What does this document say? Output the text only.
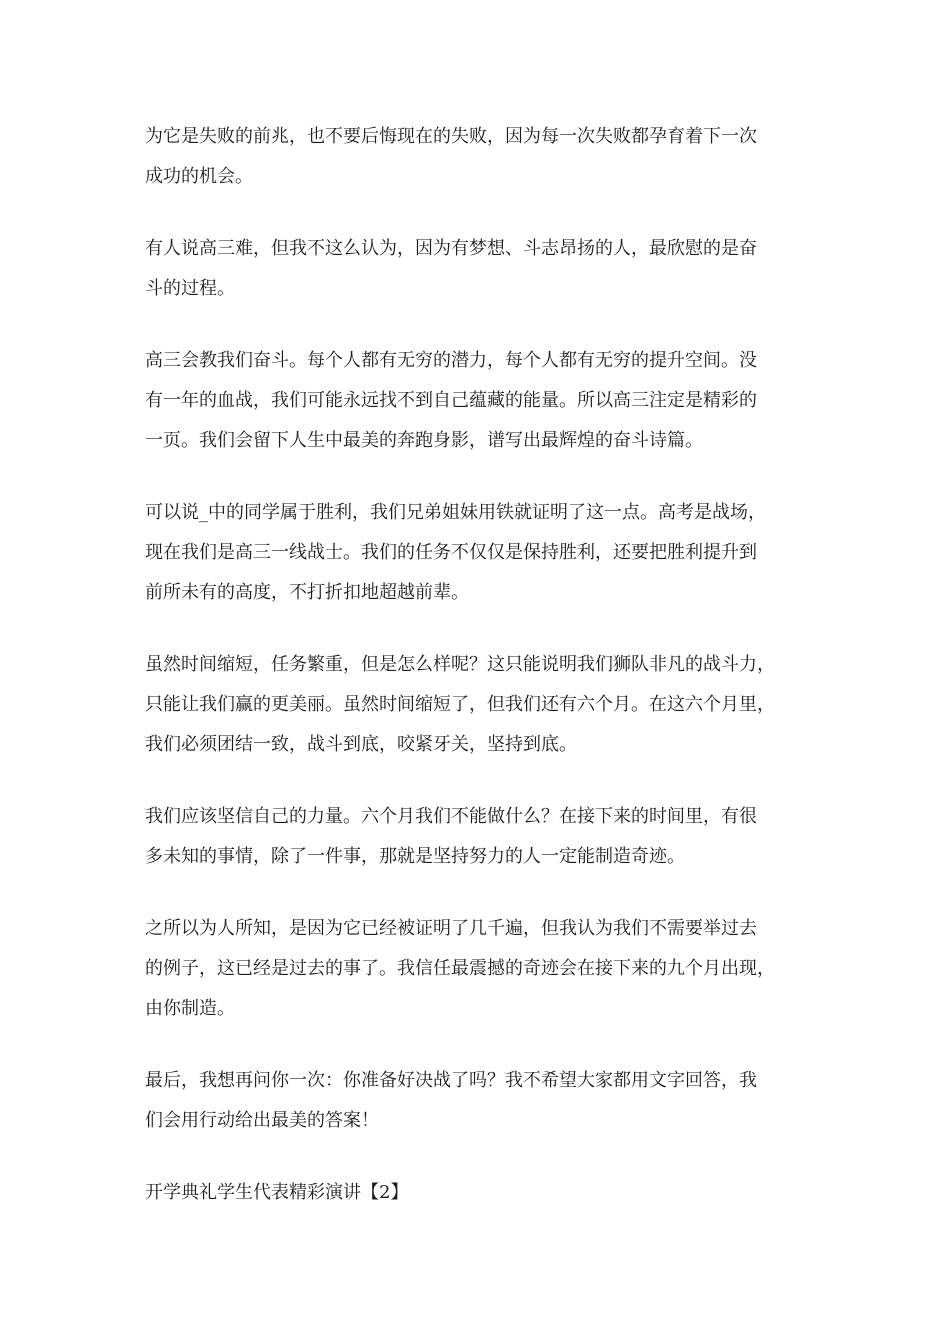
为它是失败的前兆，也不要后悔现在的失败，因为每一次失败都孕育着下一次
成功的机会。

有人说高三难，但我不这么认为，因为有梦想、斗志昂扬的人，最欣慰的是奋
斗的过程。

高三会教我们奋斗。每个人都有无穷的潜力，每个人都有无穷的提升空间。没
有一年的血战，我们可能永远找不到自己蕴藏的能量。所以高三注定是精彩的
一页。我们会留下人生中最美的奔跑身影，谱写出最辉煌的奋斗诗篇。

可以说_中的同学属于胜利，我们兄弟姐妹用铁就证明了这一点。高考是战场，
现在我们是高三一线战士。我们的任务不仅仅是保持胜利，还要把胜利提升到
前所未有的高度，不打折扣地超越前辈。

虽然时间缩短，任务繁重，但是怎么样呢？这只能说明我们狮队非凡的战斗力，
只能让我们赢的更美丽。虽然时间缩短了，但我们还有六个月。在这六个月里，
我们必须团结一致，战斗到底，咬紧牙关，坚持到底。

我们应该坚信自己的力量。六个月我们不能做什么？在接下来的时间里，有很
多未知的事情，除了一件事，那就是坚持努力的人一定能制造奇迹。

之所以为人所知，是因为它已经被证明了几千遍，但我认为我们不需要举过去
的例子，这已经是过去的事了。我信任最震撼的奇迹会在接下来的九个月出现，
由你制造。

最后，我想再问你一次：你准备好决战了吗？我不希望大家都用文字回答，我
们会用行动给出最美的答案！

开学典礼学生代表精彩演讲【2】
